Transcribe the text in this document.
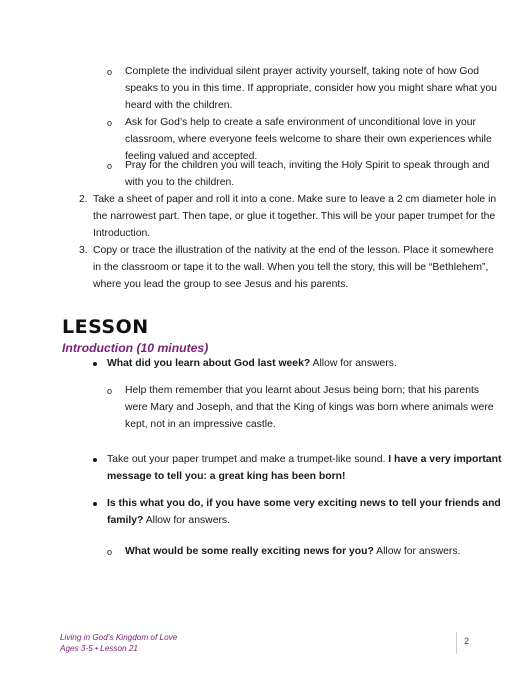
o Complete the individual silent prayer activity yourself, taking note of how God
speaks to you in this time. If appropriate, consider how you might share what you
heard with the children.
o Ask for God’s help to create a safe environment of unconditional love in your
classroom, where everyone feels welcome to share their own experiences while
feeling valued and accepted.
o Pray for the children you will teach, inviting the Holy Spirit to speak through and
with you to the children.
2. Take a sheet of paper and roll it into a cone. Make sure to leave a 2 cm diameter hole in
the narrowest part. Then tape, or glue it together. This will be your paper trumpet for the
Introduction.
3. Copy or trace the illustration of the nativity at the end of the lesson. Place it somewhere
in the classroom or tape it to the wall. When you tell the story, this will be “Bethlehem”,
where you lead the group to see Jesus and his parents.
LESSON
Introduction (10 minutes)
What did you learn about God last week? Allow for answers.
o Help them remember that you learnt about Jesus being born; that his parents
were Mary and Joseph, and that the King of kings was born where animals were
kept, not in an impressive castle.
Take out your paper trumpet and make a trumpet-like sound. I have a very important
message to tell you: a great king has been born!
Is this what you do, if you have some very exciting news to tell your friends and
family? Allow for answers.
o What would be some really exciting news for you? Allow for answers.
Living in God’s Kingdom of Love
Ages 3-5 • Lesson 21
2
